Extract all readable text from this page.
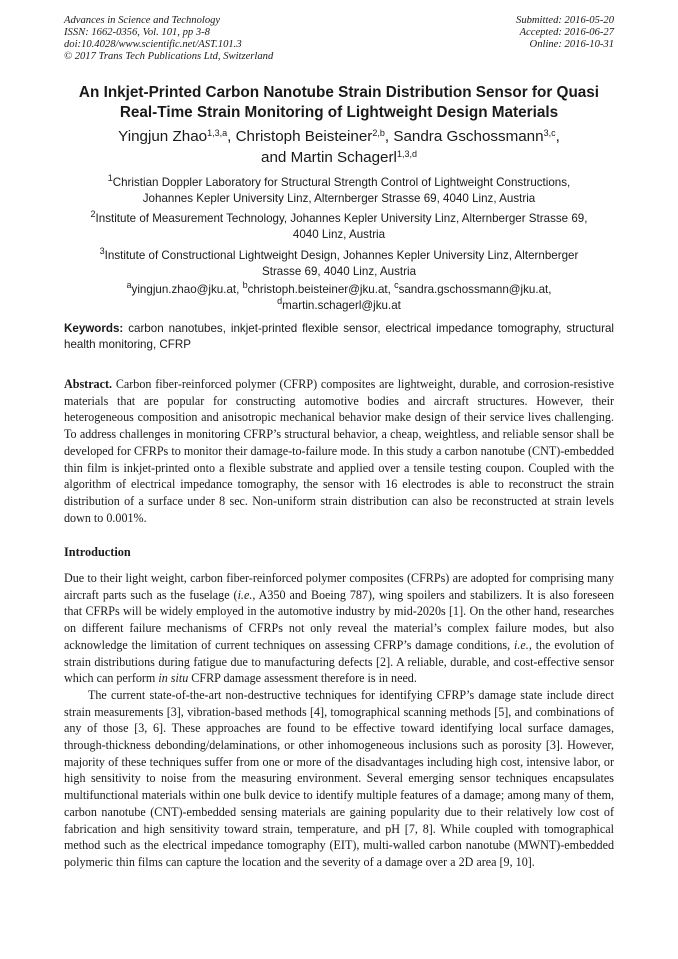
Advances in Science and Technology
ISSN: 1662-0356, Vol. 101, pp 3-8
doi:10.4028/www.scientific.net/AST.101.3
© 2017 Trans Tech Publications Ltd, Switzerland
Submitted: 2016-05-20
Accepted: 2016-06-27
Online: 2016-10-31
An Inkjet-Printed Carbon Nanotube Strain Distribution Sensor for Quasi
Real-Time Strain Monitoring of Lightweight Design Materials
Yingjun Zhao$^{1,3,a}$, Christoph Beisteiner$^{2,b}$, Sandra Gschossmann$^{3,c}$,
and Martin Schagerl$^{1,3,d}$
$^1$Christian Doppler Laboratory for Structural Strength Control of Lightweight Constructions,
Johannes Kepler University Linz, Alternberger Strasse 69, 4040 Linz, Austria
$^2$Institute of Measurement Technology, Johannes Kepler University Linz, Alternberger Strasse 69,
4040 Linz, Austria
$^3$Institute of Constructional Lightweight Design, Johannes Kepler University Linz, Alternberger
Strasse 69, 4040 Linz, Austria
$^a$yingjun.zhao@jku.at, $^b$christoph.beisteiner@jku.at, $^c$sandra.gschossmann@jku.at,
$^d$martin.schagerl@jku.at
Keywords: carbon nanotubes, inkjet-printed flexible sensor, electrical impedance tomography, structural health monitoring, CFRP
Abstract. Carbon fiber-reinforced polymer (CFRP) composites are lightweight, durable, and corrosion-resistive materials that are popular for constructing automotive bodies and aircraft structures. However, their heterogeneous composition and anisotropic mechanical behavior make design of their service lives challenging. To address challenges in monitoring CFRP’s structural behavior, a cheap, weightless, and reliable sensor shall be developed for CFRPs to monitor their damage-to-failure mode. In this study a carbon nanotube (CNT)-embedded thin film is inkjet-printed onto a flexible substrate and applied over a tensile testing coupon. Coupled with the algorithm of electrical impedance tomography, the sensor with 16 electrodes is able to reconstruct the strain distribution of a surface under 8 sec. Non-uniform strain distribution can also be reconstructed at strain levels down to 0.001%.
Introduction

Due to their light weight, carbon fiber-reinforced polymer composites (CFRPs) are adopted for comprising many aircraft parts such as the fuselage (i.e., A350 and Boeing 787), wing spoilers and stabilizers. It is also foreseen that CFRPs will be widely employed in the automotive industry by mid-2020s [1]. On the other hand, researches on different failure mechanisms of CFRPs not only reveal the material’s complex failure modes, but also acknowledge the limitation of current techniques on assessing CFRP’s damage conditions, i.e., the evolution of strain distributions during fatigue due to manufacturing defects [2]. A reliable, durable, and cost-effective sensor which can perform in situ CFRP damage assessment therefore is in need.

The current state-of-the-art non-destructive techniques for identifying CFRP’s damage state include direct strain measurements [3], vibration-based methods [4], tomographical scanning methods [5], and combinations of any of those [3, 6]. These approaches are found to be effective toward identifying local surface damages, through-thickness debonding/delaminations, or other inhomogeneous inclusions such as porosity [3]. However, majority of these techniques suffer from one or more of the disadvantages including high cost, intensive labor, or high sensitivity to noise from the measuring environment. Several emerging sensor techniques encapsulates multifunctional materials within one bulk device to identify multiple features of a damage; among many of them, carbon nanotube (CNT)-embedded sensing materials are gaining popularity due to their relatively low cost of fabrication and high sensitivity toward strain, temperature, and pH [7, 8]. While coupled with tomographical method such as the electrical impedance tomography (EIT), multi-walled carbon nanotube (MWNT)-embedded polymeric thin films can capture the location and the severity of a damage over a 2D area [9, 10].
